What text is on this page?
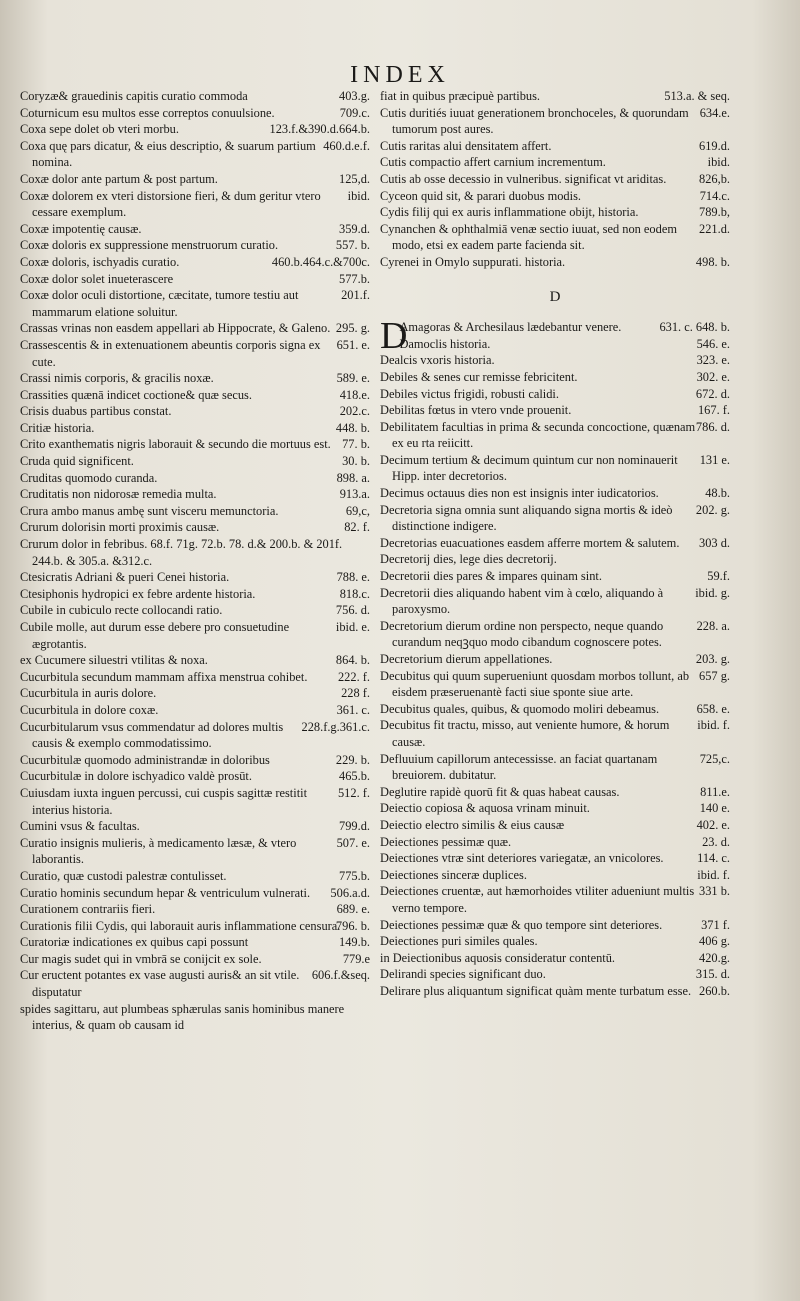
INDEX

403.g.
Coryzæ& grauedinis capitis curatio commoda

709.c.
Coturnicum esu multos esse correptos conuulsione.

123.f.&390.d.664.b.
Coxa sepe dolet ob vteri morbu.

460.d.e.f.
Coxa quę pars dicatur, & eius descriptio, & suarum partium nomina.

125,d.
Coxæ dolor ante partum & post partum.

ibid.
Coxæ dolorem ex vteri distorsione fieri, & dum geritur vtero cessare exemplum.

359.d.
Coxæ impotentię causæ.

557. b.
Coxæ doloris ex suppressione menstruorum curatio.

460.b.464.c.&700c.
Coxæ doloris, ischyadis curatio.

577.b.
Coxæ dolor solet inueterascere

201.f.
Coxæ dolor oculi distortione, cæcitate, tumore testiu aut mammarum elatione soluitur.

295. g.
Crassas vrinas non easdem appellari ab Hippocrate, & Galeno.

651. e.
Crassescentis & in extenuationem abeuntis corporis signa ex cute.

589. e.
Crassi nimis corporis, & gracilis noxæ.

418.e.
Crassities quænā indicet coctione& quæ secus.

202.c.
Crisis duabus partibus constat.

448. b.
Critiæ historia.

77. b.
Crito exanthematis nigris laborauit & secundo die mortuus est.

30. b.
Cruda quid significent.

898. a.
Cruditas quomodo curanda.

913.a.
Cruditatis non nidorosæ remedia multa.

69,c,
Crura ambo manus ambę sunt visceru memunctoria.

82. f.
Crurum dolorisin morti proximis causæ.

Crurum dolor in febribus. 68.f. 71g. 72.b. 78. d.& 200.b. & 201f. 244.b. & 305.a. &312.c.

788. e.
Ctesicratis Adriani & pueri Cenei historia.

818.c.
Ctesiphonis hydropici ex febre ardente historia.

756. d.
Cubile in cubiculo recte collocandi ratio.

ibid. e.
Cubile molle, aut durum esse debere pro consuetudine ægrotantis.

864. b.
ex Cucumere siluestri vtilitas & noxa.

222. f.
Cucurbitula secundum mammam affixa menstrua cohibet.

228 f.
Cucurbitula in auris dolore.

361. c.
Cucurbitula in dolore coxæ.

228.f.g.361.c.
Cucurbitularum vsus commendatur ad dolores multis causis & exemplo commodatissimo.

229. b.
Cucurbitulæ quomodo administrandæ in doloribus

465.b.
Cucurbitulæ in dolore ischyadico valdè prosūt.

512. f.
Cuiusdam iuxta inguen percussi, cui cuspis sagittæ restitit interius historia.

799.d.
Cumini vsus & facultas.

507. e.
Curatio insignis mulieris, à medicamento læsæ, & vtero laborantis.

775.b.
Curatio, quæ custodi palestræ contulisset.

506.a.d.
Curatio hominis secundum hepar & ventriculum vulnerati.

689. e.
Curationem contrariis fieri.

796. b.
Curationis filii Cydis, qui laborauit auris inflammatione censura.

149.b.
Curatoriæ indicationes ex quibus capi possunt

779.e
Cur magis sudet qui in vmbrā se conijcit ex sole.

606.f.&seq.
Cur eructent potantes ex vase augusti auris& an sit vtile. disputatur

spides sagittaru, aut plumbeas sphærulas sanis hominibus manere interius, & quam ob causam id

513.a. & seq.
fiat in quibus præcipuè partibus.

634.e.
Cutis duritiés iuuat generationem bronchoceles, & quorundam tumorum post aures.

619.d.
Cutis raritas alui densitatem affert.

ibid.
Cutis compactio affert carnium incrementum.

826,b.
Cutis ab osse decessio in vulneribus. significat vt ariditas.

714.c.
Cyceon quid sit, & parari duobus modis.

789.b,
Cydis filij qui ex auris inflammatione obijt, historia.

221.d.
Cynanchen & ophthalmiā venæ sectio iuuat, sed non eodem modo, etsi ex eadem parte facienda sit.

498. b.
Cyrenei in Omylo suppurati. historia.

D

D	631. c. 648. b.
Amagoras & Archesilaus lædebantur venere.

546. e.
Damoclis historia.

323. e.
Dealcis vxoris historia.

302. e.
Debiles & senes cur remisse febricitent.

672. d.
Debiles victus frigidi, robusti calidi.

167. f.
Debilitas fœtus in vtero vnde prouenit.

786. d.
Debilitatem facultias in prima & secunda concoctione, quænam ex eu rta reiicitt.

131 e.
Decimum tertium & decimum quintum cur non nominauerit Hipp. inter decretorios.

48.b.
Decimus octauus dies non est insignis inter iudicatorios.

202. g.
Decretoria signa omnia sunt aliquando signa mortis & ideò distinctione indigere.

303 d.
Decretorias euacuationes easdem afferre mortem & salutem.

Decretorij dies, lege dies decretorij.

59.f.
Decretorii dies pares & impares quinam sint.

ibid. g.
Decretorii dies aliquando habent vim à cœlo, aliquando à paroxysmo.

228. a.
Decretorium dierum ordine non perspecto, neque quando curandum neqꝫquo modo cibandum cognoscere potes.

203. g.
Decretorium dierum appellationes.

657 g.
Decubitus qui quum superueniunt quosdam morbos tollunt, ab eisdem præseruenantè facti siue sponte siue arte.

658. e.
Decubitus quales, quibus, & quomodo moliri debeamus.

ibid. f.
Decubitus fit tractu, misso, aut veniente humore, & horum causæ.

725,c.
Defluuium capillorum antecessisse. an faciat quartanam breuiorem. dubitatur.

811.e.
Deglutire rapidè quorū fit & quas habeat causas.

140 e.
Deiectio copiosa & aquosa vrinam minuit.

402. e.
Deiectio electro similis & eius causæ

23. d.
Deiectiones pessimæ quæ.

114. c.
Deiectiones vtræ sint deteriores variegatæ, an vnicolores.

ibid. f.
Deiectiones sinceræ duplices.

331 b.
Deiectiones cruentæ, aut hæmorhoides vtiliter adueniunt multis verno tempore.

371 f.
Deiectiones pessimæ quæ & quo tempore sint deteriores.

406 g.
Deiectiones puri similes quales.

420.g.
in Deiectionibus aquosis consideratur contentū.

315. d.
Delirandi species significant duo.

260.b.
Delirare plus aliquantum significat quàm mente turbatum esse.
